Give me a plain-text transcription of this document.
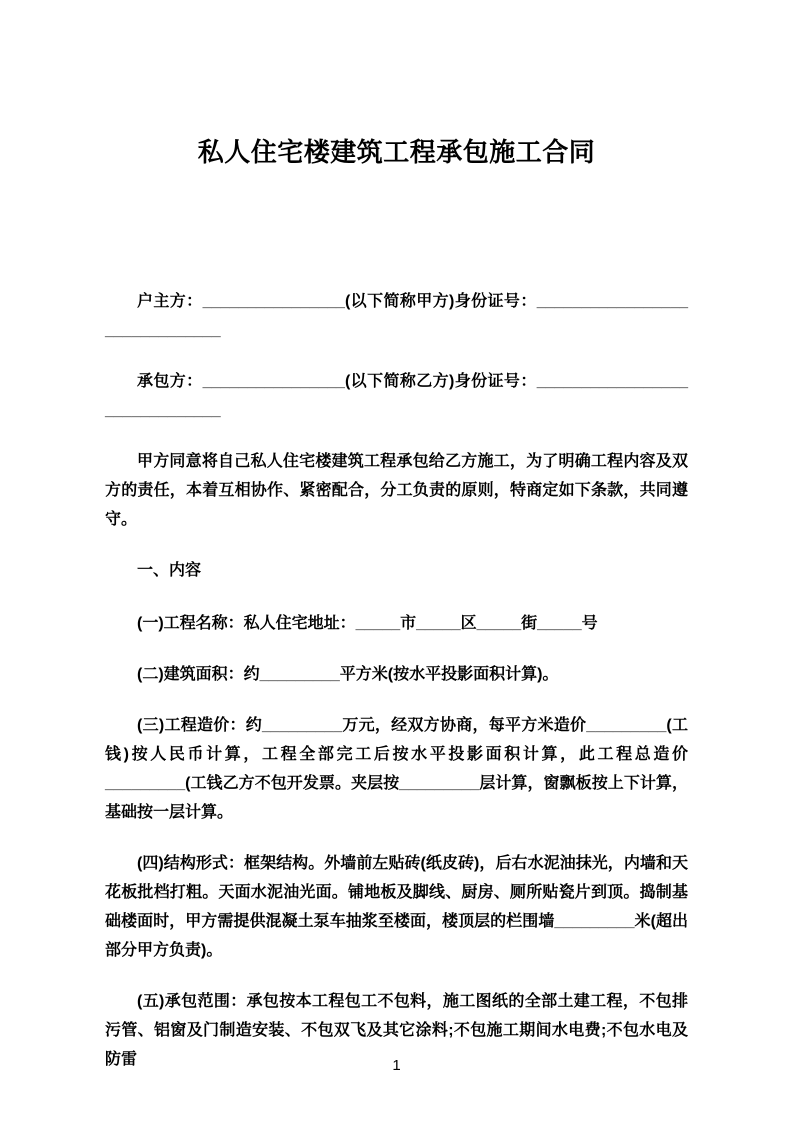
私人住宅楼建筑工程承包施工合同

户主方：________________(以下简称甲方)身份证号：______________________________

承包方：________________(以下简称乙方)身份证号：______________________________

甲方同意将自己私人住宅楼建筑工程承包给乙方施工，为了明确工程内容及双方的责任，本着互相协作、紧密配合，分工负责的原则，特商定如下条款，共同遵守。

一、内容

(一)工程名称：私人住宅地址：_____市_____区_____街_____号

(二)建筑面积：约_________平方米(按水平投影面积计算)。

(三)工程造价：约_________万元，经双方协商，每平方米造价_________(工钱)按人民币计算，工程全部完工后按水平投影面积计算，此工程总造价_________(工钱乙方不包开发票。夹层按_________层计算，窗飘板按上下计算，基础按一层计算。

(四)结构形式：框架结构。外墙前左贴砖(纸皮砖)，后右水泥油抹光，内墙和天花板批档打粗。天面水泥油光面。铺地板及脚线、厨房、厕所贴瓷片到顶。捣制基础楼面时，甲方需提供混凝土泵车抽浆至楼面，楼顶层的栏围墙_________米(超出部分甲方负责)。

(五)承包范围：承包按本工程包工不包料，施工图纸的全部土建工程，不包排污管、铝窗及门制造安装、不包双飞及其它涂料;不包施工期间水电费;不包水电及防雷	1
